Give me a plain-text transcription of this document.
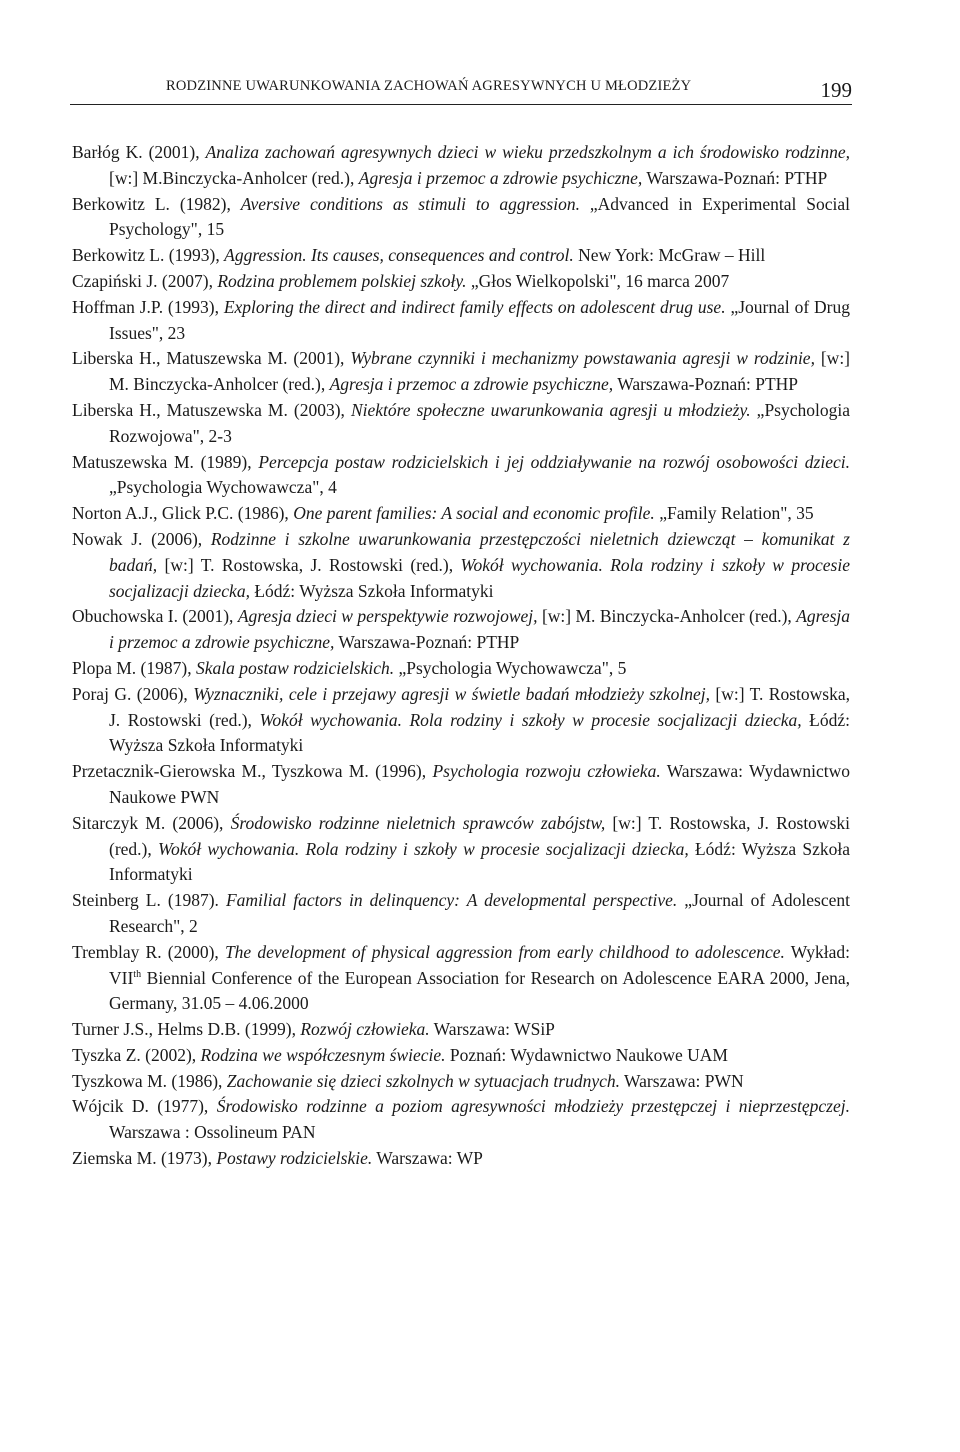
RODZINNE UWARUNKOWANIA ZACHOWAŃ AGRESYWNYCH U MŁODZIEŻY	199
Barłóg K. (2001), Analiza zachowań agresywnych dzieci w wieku przedszkolnym a ich środowisko rodzinne, [w:] M.Binczycka-Anholcer (red.), Agresja i przemoc a zdrowie psychiczne, Warszawa-Poznań: PTHP
Berkowitz L. (1982), Aversive conditions as stimuli to aggression. „Advanced in Experimental Social Psychology", 15
Berkowitz L. (1993), Aggression. Its causes, consequences and control. New York: McGraw – Hill
Czapiński J. (2007), Rodzina problemem polskiej szkoły. „Głos Wielkopolski", 16 marca 2007
Hoffman J.P. (1993), Exploring the direct and indirect family effects on adolescent drug use. „Journal of Drug Issues", 23
Liberska H., Matuszewska M. (2001), Wybrane czynniki i mechanizmy powstawania agresji w rodzinie, [w:] M. Binczycka-Anholcer (red.), Agresja i przemoc a zdrowie psychiczne, Warszawa-Poznań: PTHP
Liberska H., Matuszewska M. (2003), Niektóre społeczne uwarunkowania agresji u młodzieży. „Psychologia Rozwojowa", 2-3
Matuszewska M. (1989), Percepcja postaw rodzicielskich i jej oddziaływanie na rozwój osobowości dzieci. „Psychologia Wychowawcza", 4
Norton A.J., Glick P.C. (1986), One parent families: A social and economic profile. „Family Relation", 35
Nowak J. (2006), Rodzinne i szkolne uwarunkowania przestępczości nieletnich dziewcząt – komunikat z badań, [w:] T. Rostowska, J. Rostowski (red.), Wokół wychowania. Rola rodziny i szkoły w procesie socjalizacji dziecka, Łódź: Wyższa Szkoła Informatyki
Obuchowska I. (2001), Agresja dzieci w perspektywie rozwojowej, [w:] M. Binczycka-Anholcer (red.), Agresja i przemoc a zdrowie psychiczne, Warszawa-Poznań: PTHP
Plopa M. (1987), Skala postaw rodzicielskich. „Psychologia Wychowawcza", 5
Poraj G. (2006), Wyznaczniki, cele i przejawy agresji w świetle badań młodzieży szkolnej, [w:] T. Rostowska, J. Rostowski (red.), Wokół wychowania. Rola rodziny i szkoły w procesie socjalizacji dziecka, Łódź: Wyższa Szkoła Informatyki
Przetacznik-Gierowska M., Tyszkowa M. (1996), Psychologia rozwoju człowieka. Warszawa: Wydawnictwo Naukowe PWN
Sitarczyk M. (2006), Środowisko rodzinne nieletnich sprawców zabójstw, [w:] T. Rostowska, J. Rostowski (red.), Wokół wychowania. Rola rodziny i szkoły w procesie socjalizacji dziecka, Łódź: Wyższa Szkoła Informatyki
Steinberg L. (1987). Familial factors in delinquency: A developmental perspective. „Journal of Adolescent Research", 2
Tremblay R. (2000), The development of physical aggression from early childhood to adolescence. Wykład: VIIth Biennial Conference of the European Association for Research on Adolescence EARA 2000, Jena, Germany, 31.05 – 4.06.2000
Turner J.S., Helms D.B. (1999), Rozwój człowieka. Warszawa: WSiP
Tyszka Z. (2002), Rodzina we współczesnym świecie. Poznań: Wydawnictwo Naukowe UAM
Tyszkowa M. (1986), Zachowanie się dzieci szkolnych w sytuacjach trudnych. Warszawa: PWN
Wójcik D. (1977), Środowisko rodzinne a poziom agresywności młodzieży przestępczej i nieprzestępczej. Warszawa : Ossolineum PAN
Ziemska M. (1973), Postawy rodzicielskie. Warszawa: WP
